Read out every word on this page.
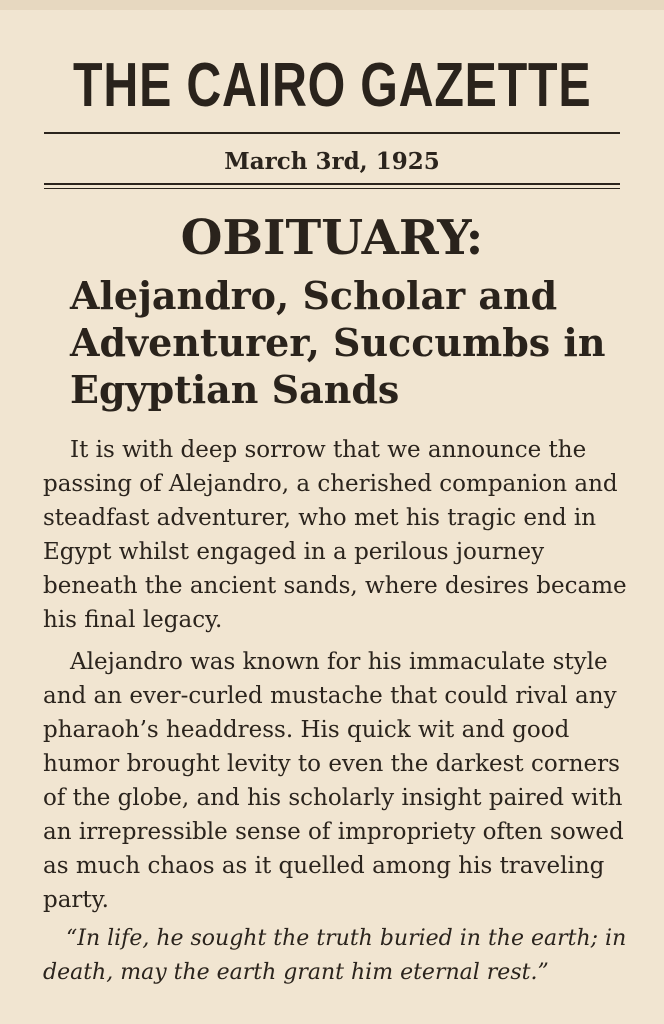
THE CAIRO GAZETTE
March 3rd, 1925
OBITUARY:
Alejandro, Scholar and Adventurer, Succumbs in Egyptian Sands

It is with deep sorrow that we announce the passing of Alejandro, a cherished companion and steadfast adventurer, who met his tragic end in Egypt whilst engaged in a perilous journey beneath the ancient sands, where desires became his final legacy.

Alejandro was known for his immaculate style and an ever-curled mustache that could rival any pharaoh’s headdress. His quick wit and good humor brought levity to even the darkest corners of the globe, and his scholarly insight paired with an irrepressible sense of impropriety often sowed as much chaos as it quelled among his traveling party.

“In life, he sought the truth buried in the earth; in death, may the earth grant him eternal rest.”
